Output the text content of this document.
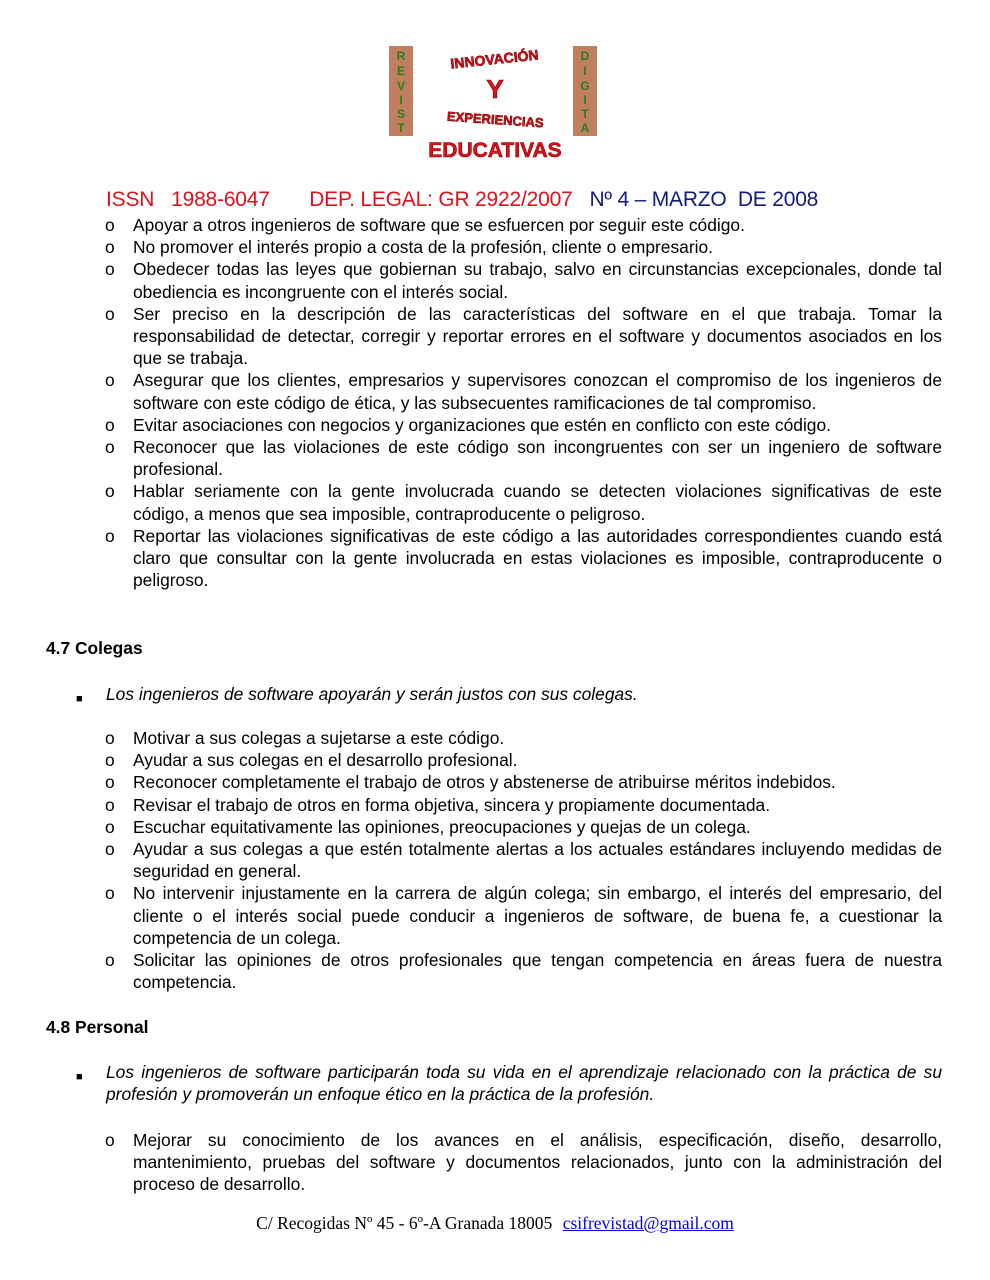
INNOVACIÓN
Y
EXPERIENCIAS
EDUCATIVAS
R
E
V
I
S
T
D
I
G
I
T
A
ISSN   1988-6047 DEP. LEGAL: GR 2922/2007 Nº 4 – MARZO  DE 2008
o Apoyar a otros ingenieros de software que se esfuercen por seguir este código.
o No promover el interés propio a costa de la profesión, cliente o empresario.
o Obedecer todas las leyes que gobiernan su trabajo, salvo en circunstancias excepcionales, donde tal obediencia es incongruente con el interés social.
o Ser preciso en la descripción de las características del software en el que trabaja. Tomar la responsabilidad de detectar, corregir y reportar errores en el software y documentos asociados en los que se trabaja.
o Asegurar que los clientes, empresarios y supervisores conozcan el compromiso de los ingenieros de software con este código de ética, y las subsecuentes ramificaciones de tal compromiso.
o Evitar asociaciones con negocios y organizaciones que estén en conflicto con este código.
o Reconocer que las violaciones de este código son incongruentes con ser un ingeniero de software profesional.
o Hablar seriamente con la gente involucrada cuando se detecten violaciones significativas de este código, a menos que sea imposible, contraproducente o peligroso.
o Reportar las violaciones significativas de este código a las autoridades correspondientes cuando está claro que consultar con la gente involucrada en estas violaciones es imposible, contraproducente o peligroso.
4.7 Colegas
■ Los ingenieros de software apoyarán y serán justos con sus colegas.
o Motivar a sus colegas a sujetarse a este código.
o Ayudar a sus colegas en el desarrollo profesional.
o Reconocer completamente el trabajo de otros y abstenerse de atribuirse méritos indebidos.
o Revisar el trabajo de otros en forma objetiva, sincera y propiamente documentada.
o Escuchar equitativamente las opiniones, preocupaciones y quejas de un colega.
o Ayudar a sus colegas a que estén totalmente alertas a los actuales estándares incluyendo medidas de seguridad en general.
o No intervenir injustamente en la carrera de algún colega; sin embargo, el interés del empresario, del cliente o el interés social puede conducir a ingenieros de software, de buena fe, a cuestionar la competencia de un colega.
o Solicitar las opiniones de otros profesionales que tengan competencia en áreas fuera de nuestra competencia.
4.8 Personal
■ Los ingenieros de software participarán toda su vida en el aprendizaje relacionado con la práctica de su profesión y promoverán un enfoque ético en la práctica de la profesión.
o Mejorar su conocimiento de los avances en el análisis, especificación, diseño, desarrollo, mantenimiento, pruebas del software y documentos relacionados, junto con la administración del proceso de desarrollo.
C/ Recogidas Nº 45 - 6º-A Granada 18005 csifrevistad@gmail.com
